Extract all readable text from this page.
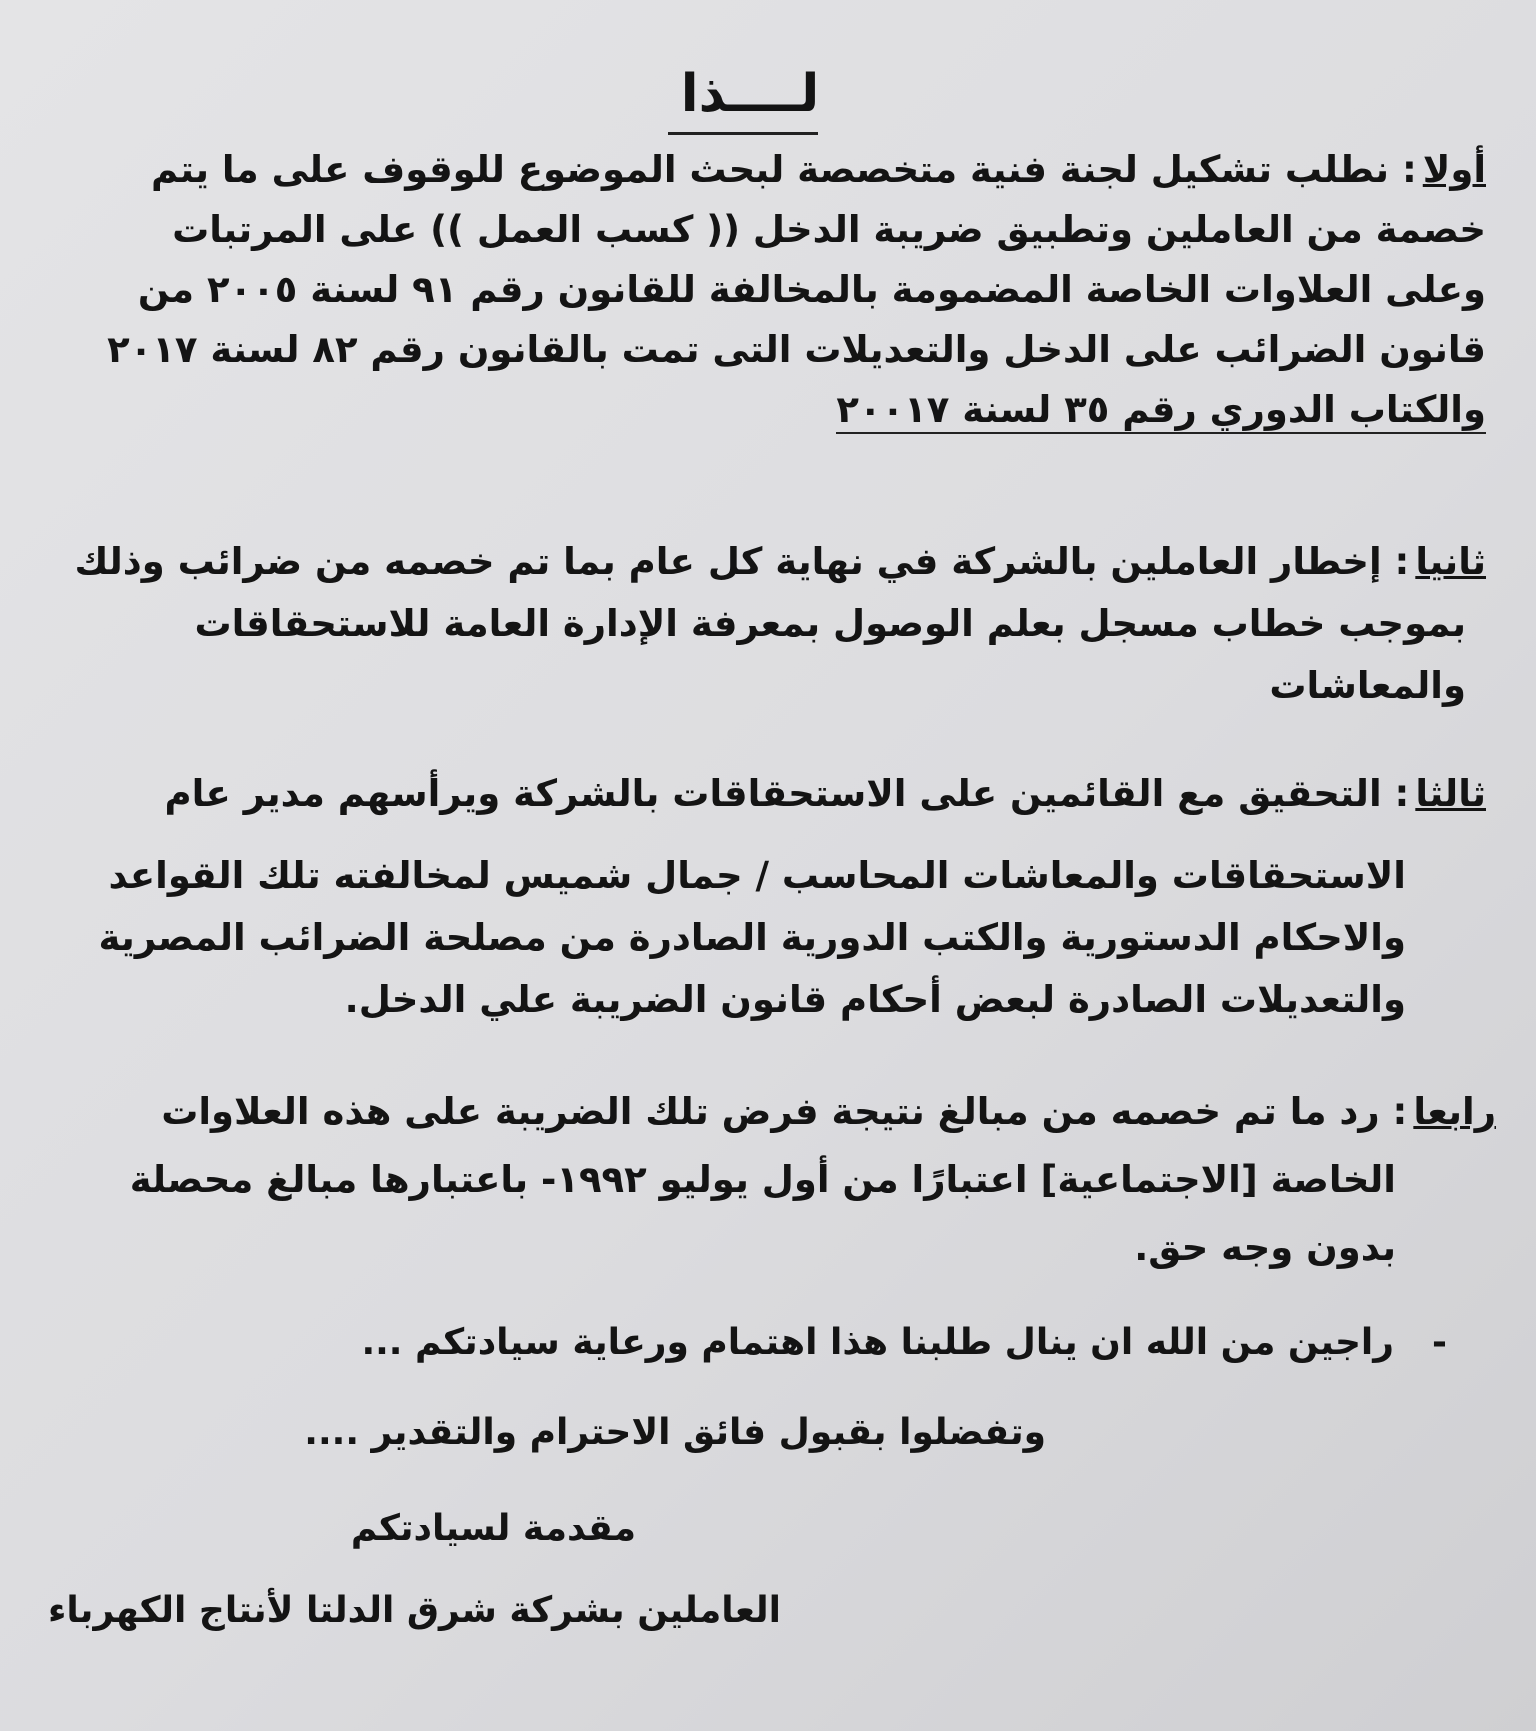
لــــذا
أولا: نطلب تشكيل لجنة فنية متخصصة لبحث الموضوع للوقوف على ما يتم
خصمة من العاملين وتطبيق ضريبة الدخل (( كسب العمل )) على المرتبات
وعلى العلاوات الخاصة المضمومة بالمخالفة للقانون رقم ٩١ لسنة ٢٠٠٥ من
قانون الضرائب على الدخل والتعديلات التى تمت بالقانون رقم ٨٢ لسنة ٢٠١٧
والكتاب الدوري رقم ٣٥ لسنة ٢٠٠١٧
ثانيا: إخطار العاملين بالشركة في نهاية كل عام بما تم خصمه من ضرائب وذلك
بموجب خطاب مسجل بعلم الوصول بمعرفة الإدارة العامة للاستحقاقات
والمعاشات
ثالثا: التحقيق مع القائمين على الاستحقاقات بالشركة ويرأسهم مدير عام
الاستحقاقات والمعاشات المحاسب / جمال شميس لمخالفته تلك القواعد
والاحكام الدستورية والكتب الدورية الصادرة من مصلحة الضرائب المصرية
والتعديلات الصادرة لبعض أحكام قانون الضريبة علي الدخل.
رابعا: رد ما تم خصمه من مبالغ نتيجة فرض تلك الضريبة على هذه العلاوات
الخاصة [الاجتماعية] اعتبارًا من أول يوليو ١٩٩٢- باعتبارها مبالغ محصلة
بدون وجه حق.
-
راجين من الله ان ينال طلبنا هذا اهتمام ورعاية سيادتكم ...
وتفضلوا بقبول فائق الاحترام والتقدير ....
مقدمة لسيادتكم
العاملين بشركة شرق الدلتا لأنتاج الكهرباء
